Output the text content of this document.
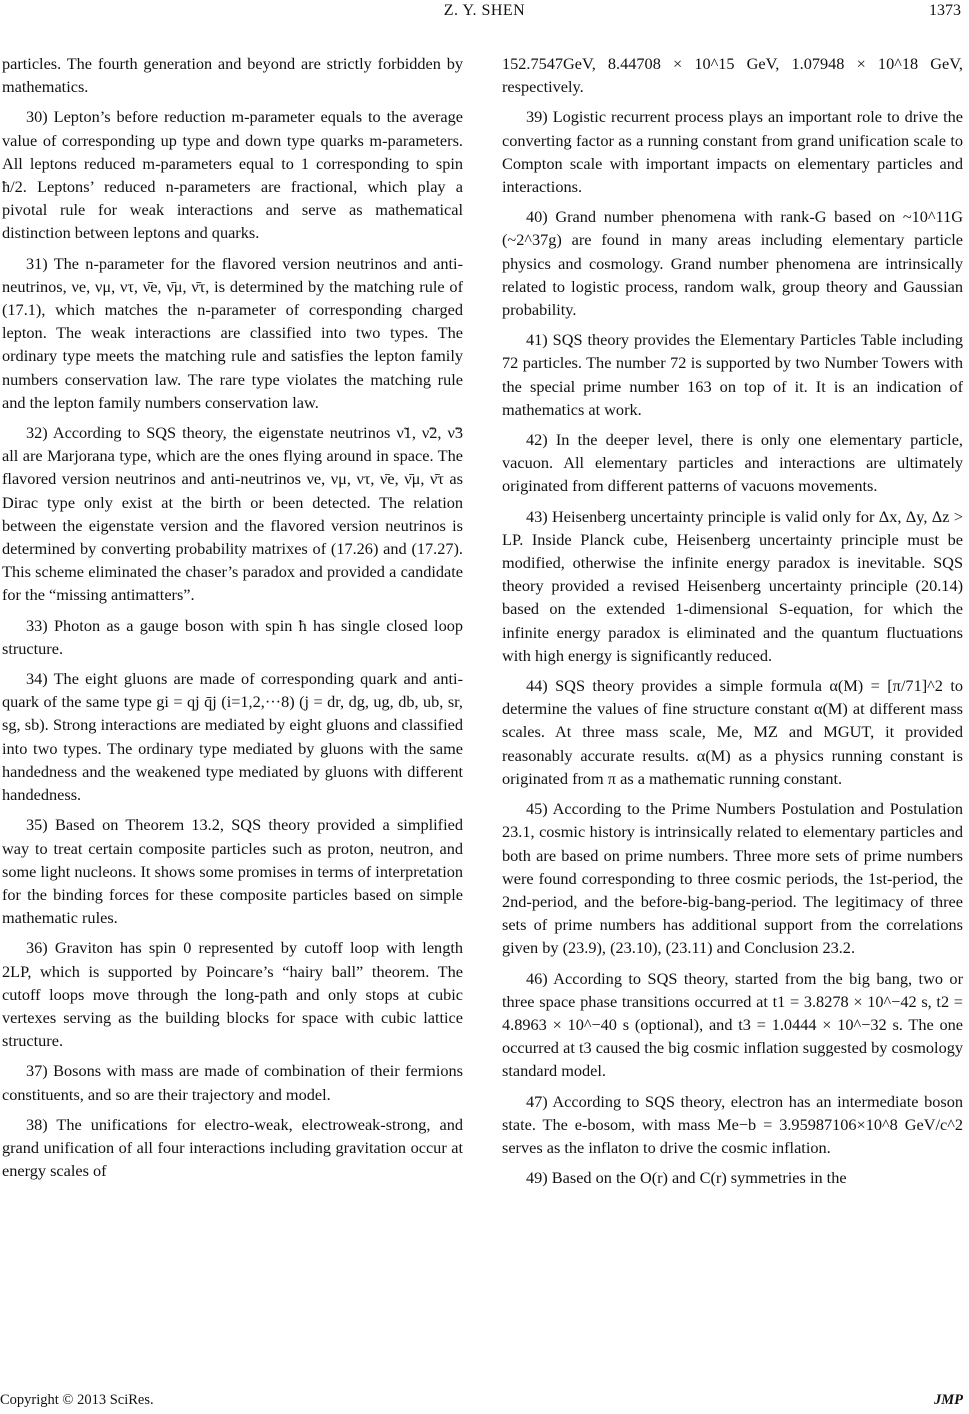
Z. Y. SHEN	1373

particles. The fourth generation and beyond are strictly forbidden by mathematics.

30) Lepton’s before reduction m-parameter equals to the average value of corresponding up type and down type quarks m-parameters. All leptons reduced m-parameters equal to 1 corresponding to spin ħ/2. Leptons’ reduced n-parameters are fractional, which play a pivotal rule for weak interactions and serve as mathematical distinction between leptons and quarks.

31) The n-parameter for the flavored version neutrinos and anti-neutrinos, νe, νμ, ντ, ν̄e, ν̄μ, ν̄τ, is determined by the matching rule of (17.1), which matches the n-parameter of corresponding charged lepton. The weak interactions are classified into two types. The ordinary type meets the matching rule and satisfies the lepton family numbers conservation law. The rare type violates the matching rule and the lepton family numbers conservation law.

32) According to SQS theory, the eigenstate neutrinos ν̃1, ν̃2, ν̃3 all are Marjorana type, which are the ones flying around in space. The flavored version neutrinos and anti-neutrinos νe, νμ, ντ, ν̄e, ν̄μ, ν̄τ as Dirac type only exist at the birth or been detected. The relation between the eigenstate version and the flavored version neutrinos is determined by converting probability matrixes of (17.26) and (17.27). This scheme eliminated the chaser’s paradox and provided a candidate for the “missing antimatters”.

33) Photon as a gauge boson with spin ħ has single closed loop structure.

34) The eight gluons are made of corresponding quark and anti-quark of the same type gi = qj q̄j (i=1,2,···8) (j = dr, dg, ug, db, ub, sr, sg, sb). Strong interactions are mediated by eight gluons and classified into two types. The ordinary type mediated by gluons with the same handedness and the weakened type mediated by gluons with different handedness.

35) Based on Theorem 13.2, SQS theory provided a simplified way to treat certain composite particles such as proton, neutron, and some light nucleons. It shows some promises in terms of interpretation for the binding forces for these composite particles based on simple mathematic rules.

36) Graviton has spin 0 represented by cutoff loop with length 2LP, which is supported by Poincare’s “hairy ball” theorem. The cutoff loops move through the long-path and only stops at cubic vertexes serving as the building blocks for space with cubic lattice structure.

37) Bosons with mass are made of combination of their fermions constituents, and so are their trajectory and model.

38) The unifications for electro-weak, electroweak-strong, and grand unification of all four interactions including gravitation occur at energy scales of

152.7547GeV, 8.44708 × 10^15 GeV, 1.07948 × 10^18 GeV, respectively.

39) Logistic recurrent process plays an important role to drive the converting factor as a running constant from grand unification scale to Compton scale with important impacts on elementary particles and interactions.

40) Grand number phenomena with rank-G based on ~10^11G (~2^37g) are found in many areas including elementary particle physics and cosmology. Grand number phenomena are intrinsically related to logistic process, random walk, group theory and Gaussian probability.

41) SQS theory provides the Elementary Particles Table including 72 particles. The number 72 is supported by two Number Towers with the special prime number 163 on top of it. It is an indication of mathematics at work.

42) In the deeper level, there is only one elementary particle, vacuon. All elementary particles and interactions are ultimately originated from different patterns of vacuons movements.

43) Heisenberg uncertainty principle is valid only for Δx, Δy, Δz > LP. Inside Planck cube, Heisenberg uncertainty principle must be modified, otherwise the infinite energy paradox is inevitable. SQS theory provided a revised Heisenberg uncertainty principle (20.14) based on the extended 1-dimensional S-equation, for which the infinite energy paradox is eliminated and the quantum fluctuations with high energy is significantly reduced.

44) SQS theory provides a simple formula α(M) = [π/71]^2 to determine the values of fine structure constant α(M) at different mass scales. At three mass scale, Me, MZ and MGUT, it provided reasonably accurate results. α(M) as a physics running constant is originated from π as a mathematic running constant.

45) According to the Prime Numbers Postulation and Postulation 23.1, cosmic history is intrinsically related to elementary particles and both are based on prime numbers. Three more sets of prime numbers were found corresponding to three cosmic periods, the 1st-period, the 2nd-period, and the before-big-bang-period. The legitimacy of three sets of prime numbers has additional support from the correlations given by (23.9), (23.10), (23.11) and Conclusion 23.2.

46) According to SQS theory, started from the big bang, two or three space phase transitions occurred at t1 = 3.8278 × 10^−42 s, t2 = 4.8963 × 10^−40 s (optional), and t3 = 1.0444 × 10^−32 s. The one occurred at t3 caused the big cosmic inflation suggested by cosmology standard model.

47) According to SQS theory, electron has an intermediate boson state. The e-bosom, with mass Me−b = 3.95987106×10^8 GeV/c^2 serves as the inflaton to drive the cosmic inflation.

49) Based on the O(r) and C(r) symmetries in the

Copyright © 2013 SciRes.	JMP
